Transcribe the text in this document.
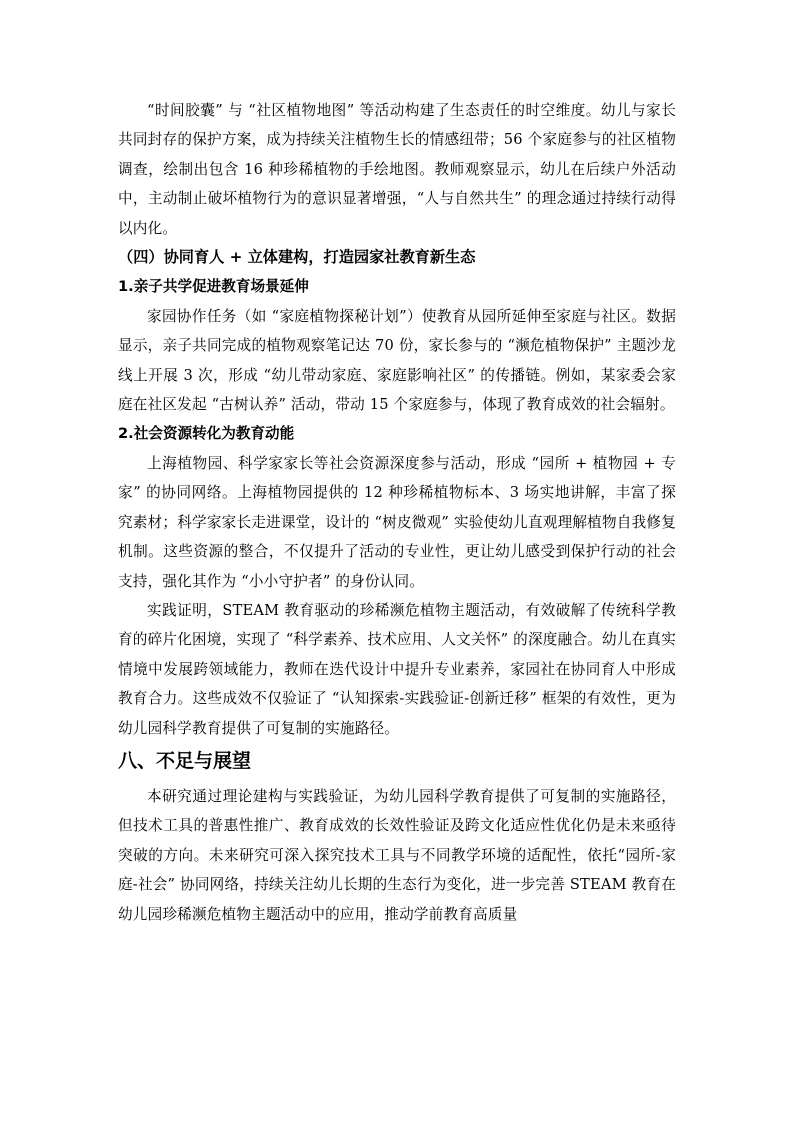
“时间胶囊” 与 “社区植物地图” 等活动构建了生态责任的时空维度。幼儿与家长共同封存的保护方案，成为持续关注植物生长的情感纽带；56 个家庭参与的社区植物调查，绘制出包含 16 种珍稀植物的手绘地图。教师观察显示，幼儿在后续户外活动中，主动制止破坏植物行为的意识显著增强，“人与自然共生” 的理念通过持续行动得以内化。

（四）协同育人 + 立体建构，打造园家社教育新生态
1.亲子共学促进教育场景延伸

家园协作任务（如 “家庭植物探秘计划”）使教育从园所延伸至家庭与社区。数据显示，亲子共同完成的植物观察笔记达 70 份，家长参与的 “濒危植物保护” 主题沙龙线上开展 3 次，形成 “幼儿带动家庭、家庭影响社区” 的传播链。例如，某家委会家庭在社区发起 “古树认养” 活动，带动 15 个家庭参与，体现了教育成效的社会辐射。

2.社会资源转化为教育动能

上海植物园、科学家家长等社会资源深度参与活动，形成 “园所 + 植物园 + 专家” 的协同网络。上海植物园提供的 12 种珍稀植物标本、3 场实地讲解，丰富了探究素材；科学家家长走进课堂，设计的 “树皮微观” 实验使幼儿直观理解植物自我修复机制。这些资源的整合，不仅提升了活动的专业性，更让幼儿感受到保护行动的社会支持，强化其作为 “小小守护者” 的身份认同。

实践证明，STEAM 教育驱动的珍稀濒危植物主题活动，有效破解了传统科学教育的碎片化困境，实现了 “科学素养、技术应用、人文关怀” 的深度融合。幼儿在真实情境中发展跨领域能力，教师在迭代设计中提升专业素养，家园社在协同育人中形成教育合力。这些成效不仅验证了 “认知探索-实践验证-创新迁移” 框架的有效性，更为幼儿园科学教育提供了可复制的实施路径。

八、不足与展望

本研究通过理论建构与实践验证，为幼儿园科学教育提供了可复制的实施路径，但技术工具的普惠性推广、教育成效的长效性验证及跨文化适应性优化仍是未来亟待突破的方向。未来研究可深入探究技术工具与不同教学环境的适配性，依托“园所-家庭-社会” 协同网络，持续关注幼儿长期的生态行为变化，进一步完善 STEAM 教育在幼儿园珍稀濒危植物主题活动中的应用，推动学前教育高质量
